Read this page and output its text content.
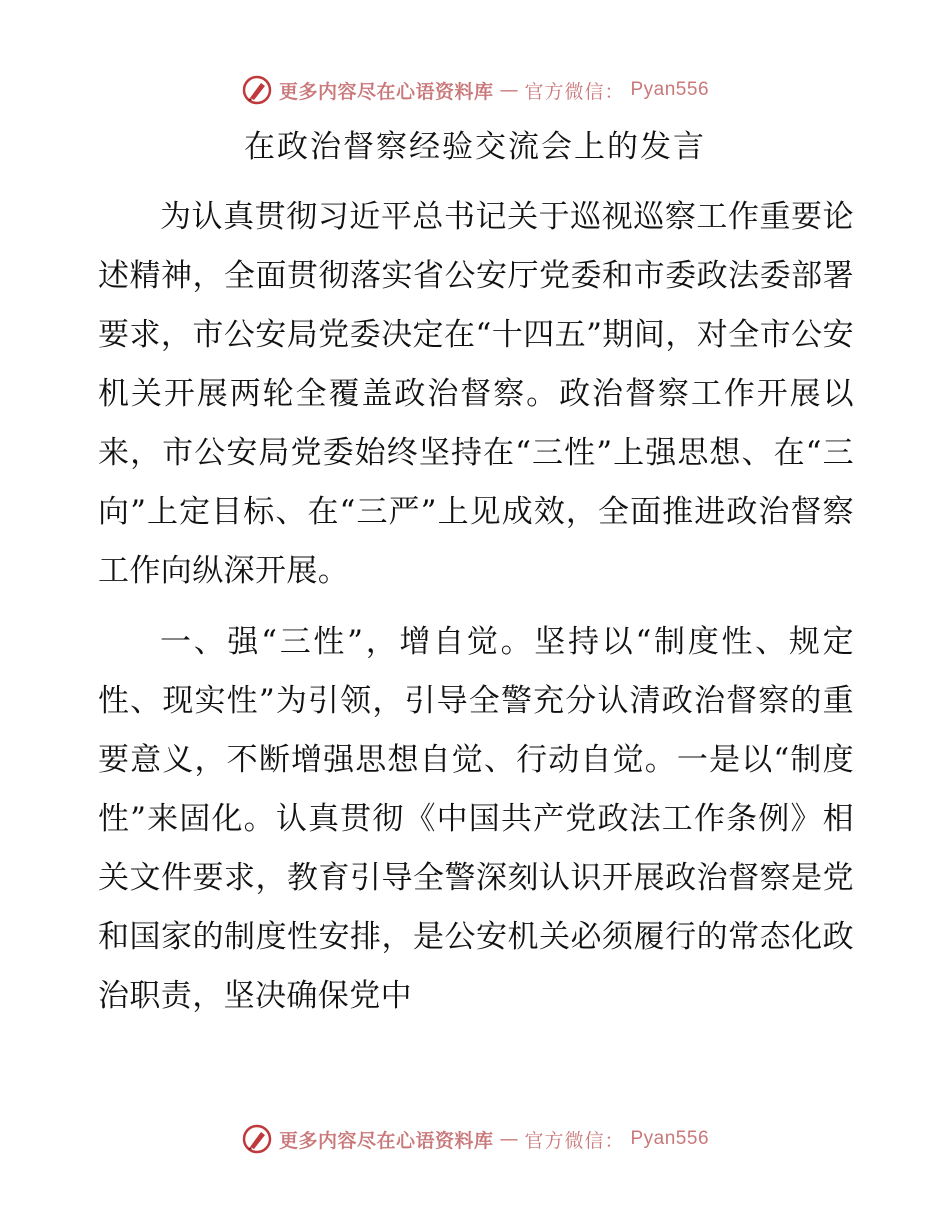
更多内容尽在心语资料库 — 官方微信： Pyan556
在政治督察经验交流会上的发言

为认真贯彻习近平总书记关于巡视巡察工作重要论述精神，全面贯彻落实省公安厅党委和市委政法委部署要求，市公安局党委决定在“十四五”期间，对全市公安机关开展两轮全覆盖政治督察。政治督察工作开展以来，市公安局党委始终坚持在“三性”上强思想、在“三向”上定目标、在“三严”上见成效，全面推进政治督察工作向纵深开展。

一、强“三性”，增自觉。坚持以“制度性、规定性、现实性”为引领，引导全警充分认清政治督察的重要意义，不断增强思想自觉、行动自觉。一是以“制度性”来固化。认真贯彻《中国共产党政法工作条例》相关文件要求，教育引导全警深刻认识开展政治督察是党和国家的制度性安排，是公安机关必须履行的常态化政治职责，坚决确保党中

更多内容尽在心语资料库 — 官方微信： Pyan556
